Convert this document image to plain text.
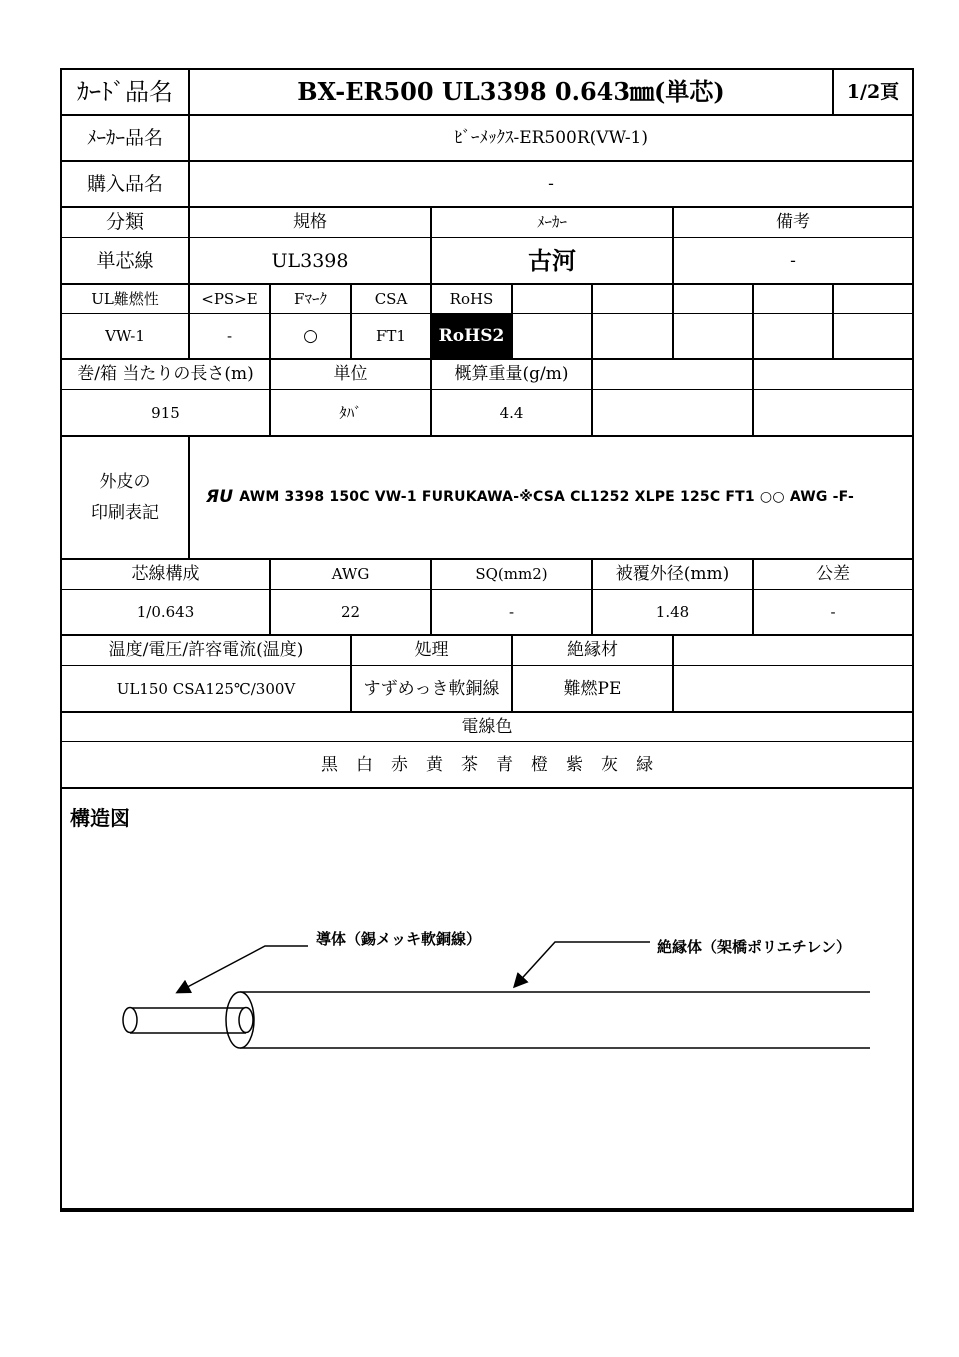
ｶｰﾄﾞ品名	BX-ER500 UL3398 0.643㎜(単芯)	1/2頁
ﾒｰｶｰ品名	ﾋﾞｰﾒｯｸｽ-ER500R(VW-1)
購入品名	-
分類	規格	ﾒｰｶｰ	備考
単芯線	UL3398	古河	-
UL難燃性	<PS>E	Fﾏｰｸ	CSA	RoHS
VW-1	-	○	FT1	RoHS2
巻/箱 当たりの長さ(m)	単位	概算重量(g/m)
915	ﾀﾊﾞ	4.4
外皮の
印刷表記
ЯU AWM 3398 150C VW-1 FURUKAWA-※CSA CL1252 XLPE 125C FT1 ○○ AWG -F-
芯線構成	AWG	SQ(mm2)	被覆外径(mm)	公差
1/0.643	22	-	1.48	-
温度/電圧/許容電流(温度)	処理	絶縁材
UL150 CSA125℃/300V	すずめっき軟銅線	難燃PE
電線色
黒 白 赤 黄 茶 青 橙 紫 灰 緑
構造図
導体（錫メッキ軟銅線）	絶縁体（架橋ポリエチレン）
